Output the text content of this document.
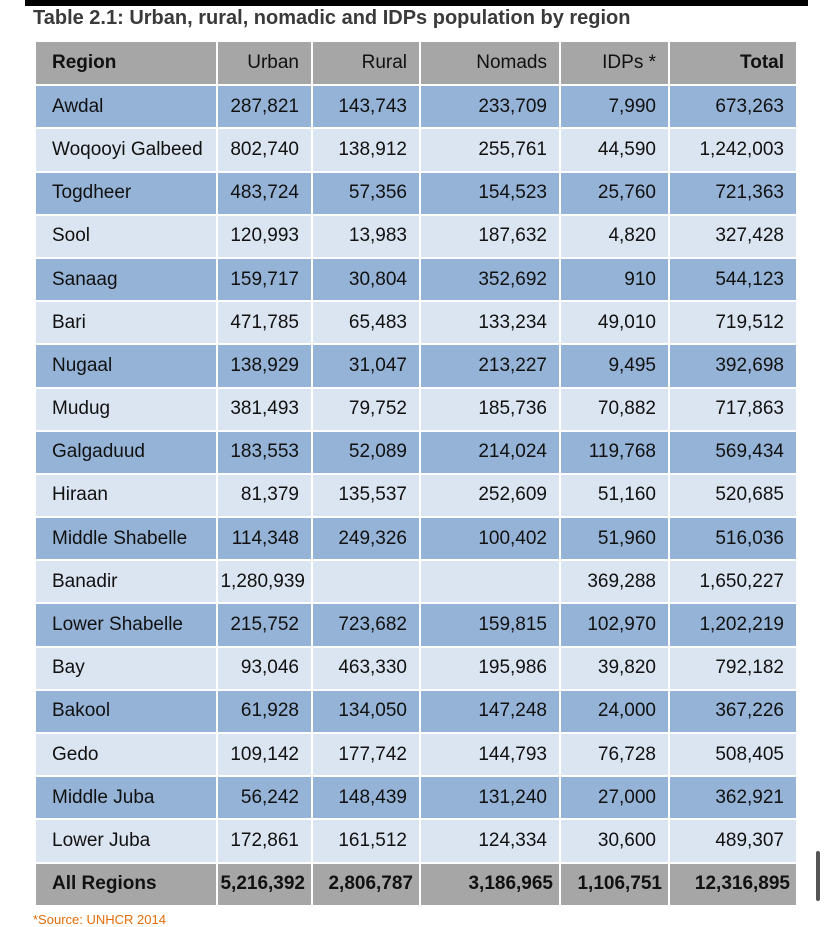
Table 2.1: Urban, rural, nomadic and IDPs population by region
Region	Urban	Rural	Nomads	IDPs *	Total
Awdal	287,821	143,743	233,709	7,990	673,263
Woqooyi Galbeed	802,740	138,912	255,761	44,590	1,242,003
Togdheer	483,724	57,356	154,523	25,760	721,363
Sool	120,993	13,983	187,632	4,820	327,428
Sanaag	159,717	30,804	352,692	910	544,123
Bari	471,785	65,483	133,234	49,010	719,512
Nugaal	138,929	31,047	213,227	9,495	392,698
Mudug	381,493	79,752	185,736	70,882	717,863
Galgaduud	183,553	52,089	214,024	119,768	569,434
Hiraan	81,379	135,537	252,609	51,160	520,685
Middle Shabelle	114,348	249,326	100,402	51,960	516,036
Banadir	1,280,939			369,288	1,650,227
Lower Shabelle	215,752	723,682	159,815	102,970	1,202,219
Bay	93,046	463,330	195,986	39,820	792,182
Bakool	61,928	134,050	147,248	24,000	367,226
Gedo	109,142	177,742	144,793	76,728	508,405
Middle Juba	56,242	148,439	131,240	27,000	362,921
Lower Juba	172,861	161,512	124,334	30,600	489,307
All Regions	5,216,392	2,806,787	3,186,965	1,106,751	12,316,895
*Source: UNHCR 2014
